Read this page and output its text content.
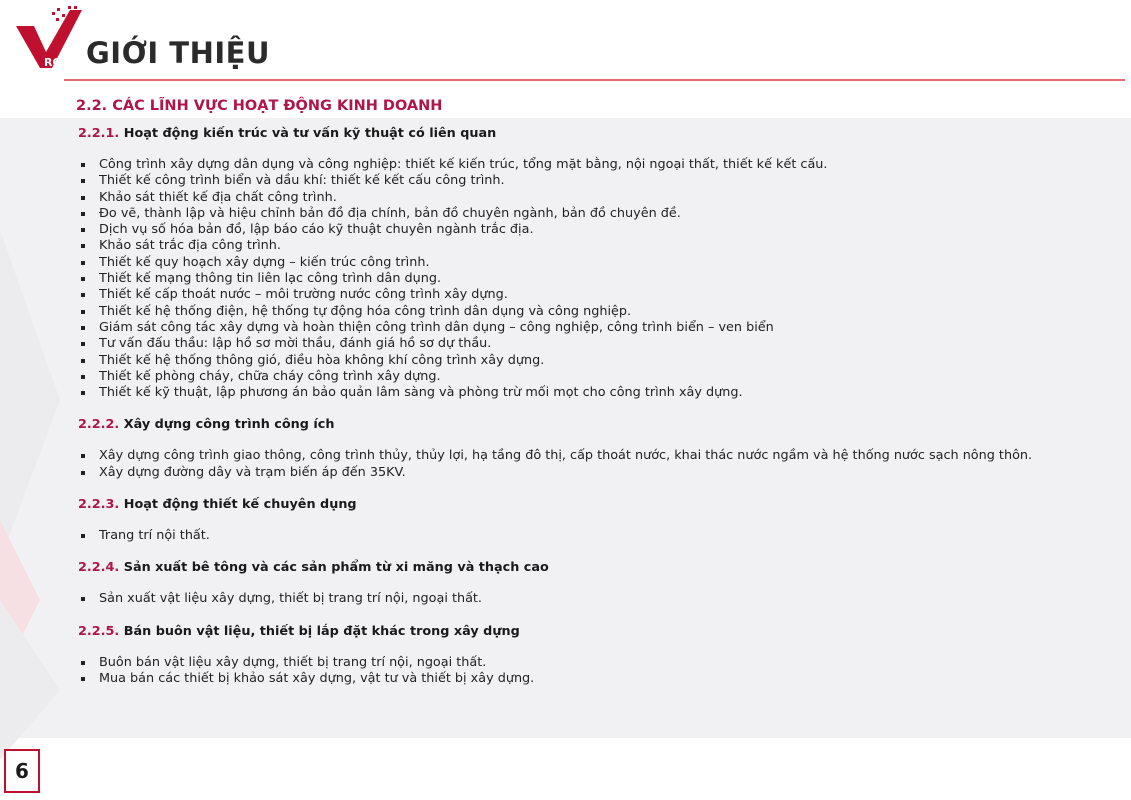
RO GIỚI THIỆU
2.2. CÁC LĨNH VỰC HOẠT ĐỘNG KINH DOANH
2.2.1. Hoạt động kiến trúc và tư vấn kỹ thuật có liên quan
Công trình xây dựng dân dụng và công nghiệp: thiết kế kiến trúc, tổng mặt bằng, nội ngoại thất, thiết kế kết cấu.
Thiết kế công trình biển và dầu khí: thiết kế kết cấu công trình.
Khảo sát thiết kế địa chất công trình.
Đo vẽ, thành lập và hiệu chỉnh bản đồ địa chính, bản đồ chuyên ngành, bản đồ chuyên đề.
Dịch vụ số hóa bản đồ, lập báo cáo kỹ thuật chuyên ngành trắc địa.
Khảo sát trắc địa công trình.
Thiết kế quy hoạch xây dựng – kiến trúc công trình.
Thiết kế mạng thông tin liên lạc công trình dân dụng.
Thiết kế cấp thoát nước – môi trường nước công trình xây dựng.
Thiết kế hệ thống điện, hệ thống tự động hóa công trình dân dụng và công nghiệp.
Giám sát công tác xây dựng và hoàn thiện công trình dân dụng – công nghiệp, công trình biển – ven biển
Tư vấn đấu thầu: lập hồ sơ mời thầu, đánh giá hồ sơ dự thầu.
Thiết kế hệ thống thông gió, điều hòa không khí công trình xây dựng.
Thiết kế phòng cháy, chữa cháy công trình xây dựng.
Thiết kế kỹ thuật, lập phương án bảo quản lâm sàng và phòng trừ mối mọt cho công trình xây dựng.
2.2.2. Xây dựng công trình công ích
Xây dựng công trình giao thông, công trình thủy, thủy lợi, hạ tầng đô thị, cấp thoát nước, khai thác nước ngầm và hệ thống nước sạch nông thôn.
Xây dựng đường dây và trạm biến áp đến 35KV.
2.2.3. Hoạt động thiết kế chuyên dụng
Trang trí nội thất.
2.2.4. Sản xuất bê tông và các sản phẩm từ xi măng và thạch cao
Sản xuất vật liệu xây dựng, thiết bị trang trí nội, ngoại thất.
2.2.5. Bán buôn vật liệu, thiết bị lắp đặt khác trong xây dựng
Buôn bán vật liệu xây dựng, thiết bị trang trí nội, ngoại thất.
Mua bán các thiết bị khảo sát xây dựng, vật tư và thiết bị xây dựng.
6
